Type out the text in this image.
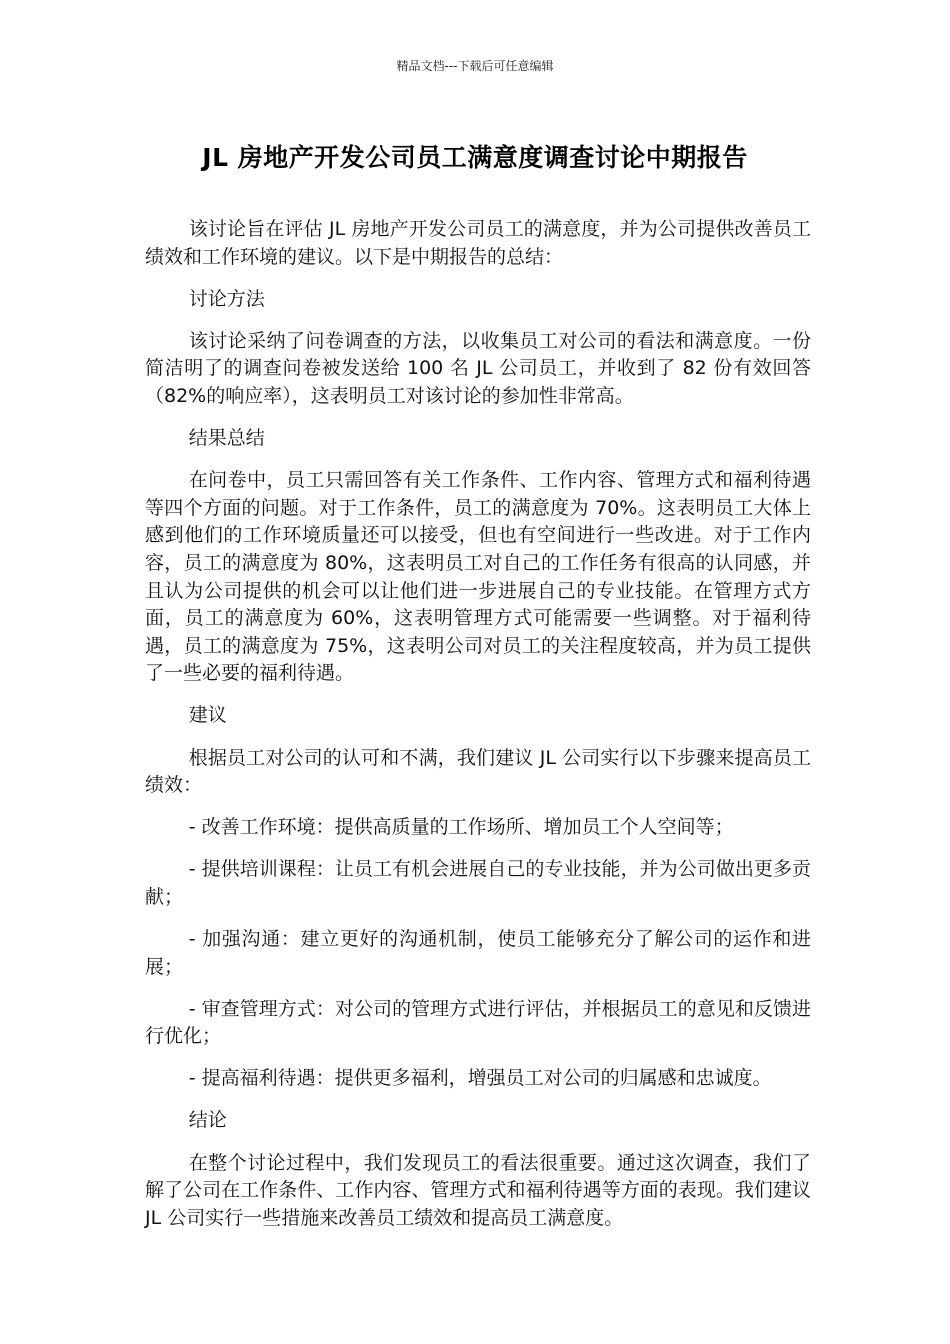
精品文档---下载后可任意编辑
JL 房地产开发公司员工满意度调查讨论中期报告

该讨论旨在评估 JL 房地产开发公司员工的满意度，并为公司提供改善员工绩效和工作环境的建议。以下是中期报告的总结：

讨论方法

该讨论采纳了问卷调查的方法，以收集员工对公司的看法和满意度。一份简洁明了的调查问卷被发送给 100 名 JL 公司员工，并收到了 82 份有效回答（82%的响应率），这表明员工对该讨论的参加性非常高。

结果总结

在问卷中，员工只需回答有关工作条件、工作内容、管理方式和福利待遇等四个方面的问题。对于工作条件，员工的满意度为 70%。这表明员工大体上感到他们的工作环境质量还可以接受，但也有空间进行一些改进。对于工作内容，员工的满意度为 80%，这表明员工对自己的工作任务有很高的认同感，并且认为公司提供的机会可以让他们进一步进展自己的专业技能。在管理方式方面，员工的满意度为 60%，这表明管理方式可能需要一些调整。对于福利待遇，员工的满意度为 75%，这表明公司对员工的关注程度较高，并为员工提供了一些必要的福利待遇。

建议

根据员工对公司的认可和不满，我们建议 JL 公司实行以下步骤来提高员工绩效：

- 改善工作环境：提供高质量的工作场所、增加员工个人空间等；

- 提供培训课程：让员工有机会进展自己的专业技能，并为公司做出更多贡献；

- 加强沟通：建立更好的沟通机制，使员工能够充分了解公司的运作和进展；

- 审查管理方式：对公司的管理方式进行评估，并根据员工的意见和反馈进行优化；

- 提高福利待遇：提供更多福利，增强员工对公司的归属感和忠诚度。

结论

在整个讨论过程中，我们发现员工的看法很重要。通过这次调查，我们了解了公司在工作条件、工作内容、管理方式和福利待遇等方面的表现。我们建议 JL 公司实行一些措施来改善员工绩效和提高员工满意度。
